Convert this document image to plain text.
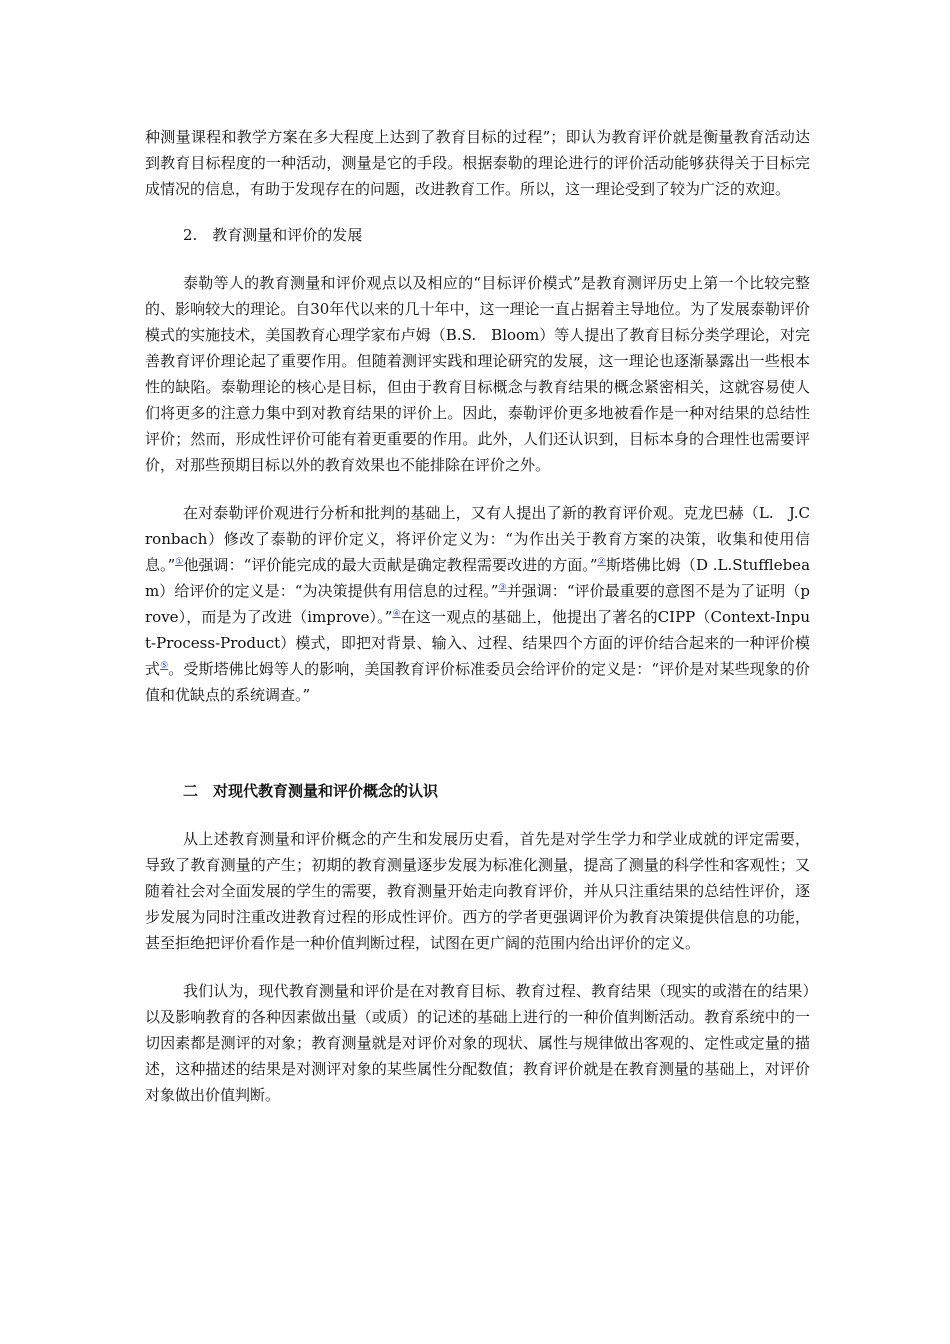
种测量课程和教学方案在多大程度上达到了教育目标的过程”；即认为教育评价就是衡量教育活动达到教育目标程度的一种活动，测量是它的手段。根据泰勒的理论进行的评价活动能够获得关于目标完成情况的信息，有助于发现存在的问题，改进教育工作。所以，这一理论受到了较为广泛的欢迎。

2.　教育测量和评价的发展

泰勒等人的教育测量和评价观点以及相应的“目标评价模式”是教育测评历史上第一个比较完整的、影响较大的理论。自30年代以来的几十年中，这一理论一直占据着主导地位。为了发展泰勒评价模式的实施技术，美国教育心理学家布卢姆（B.S.　Bloom）等人提出了教育目标分类学理论，对完善教育评价理论起了重要作用。但随着测评实践和理论研究的发展，这一理论也逐渐暴露出一些根本性的缺陷。泰勒理论的核心是目标，但由于教育目标概念与教育结果的概念紧密相关，这就容易使人们将更多的注意力集中到对教育结果的评价上。因此，泰勒评价更多地被看作是一种对结果的总结性评价；然而，形成性评价可能有着更重要的作用。此外，人们还认识到，目标本身的合理性也需要评价，对那些预期目标以外的教育效果也不能排除在评价之外。

在对泰勒评价观进行分析和批判的基础上，又有人提出了新的教育评价观。克龙巴赫（L.　J.Cronbach）修改了泰勒的评价定义，将评价定义为：“为作出关于教育方案的决策，收集和使用信息。”①他强调：“评价能完成的最大贡献是确定教程需要改进的方面。”②斯塔佛比姆（D .L.Stufflebeam）给评价的定义是：“为决策提供有用信息的过程。”③并强调：“评价最重要的意图不是为了证明（prove），而是为了改进（improve）。”④在这一观点的基础上，他提出了著名的CIPP（Context-Input-Process-Product）模式，即把对背景、输入、过程、结果四个方面的评价结合起来的一种评价模式⑤。受斯塔佛比姆等人的影响，美国教育评价标准委员会给评价的定义是：“评价是对某些现象的价值和优缺点的系统调查。”

二　对现代教育测量和评价概念的认识

从上述教育测量和评价概念的产生和发展历史看，首先是对学生学力和学业成就的评定需要，导致了教育测量的产生；初期的教育测量逐步发展为标准化测量，提高了测量的科学性和客观性；又随着社会对全面发展的学生的需要，教育测量开始走向教育评价，并从只注重结果的总结性评价，逐步发展为同时注重改进教育过程的形成性评价。西方的学者更强调评价为教育决策提供信息的功能，甚至拒绝把评价看作是一种价值判断过程，试图在更广阔的范围内给出评价的定义。

我们认为，现代教育测量和评价是在对教育目标、教育过程、教育结果（现实的或潜在的结果）以及影响教育的各种因素做出量（或质）的记述的基础上进行的一种价值判断活动。教育系统中的一切因素都是测评的对象；教育测量就是对评价对象的现状、属性与规律做出客观的、定性或定量的描述，这种描述的结果是对测评对象的某些属性分配数值；教育评价就是在教育测量的基础上，对评价对象做出价值判断。
